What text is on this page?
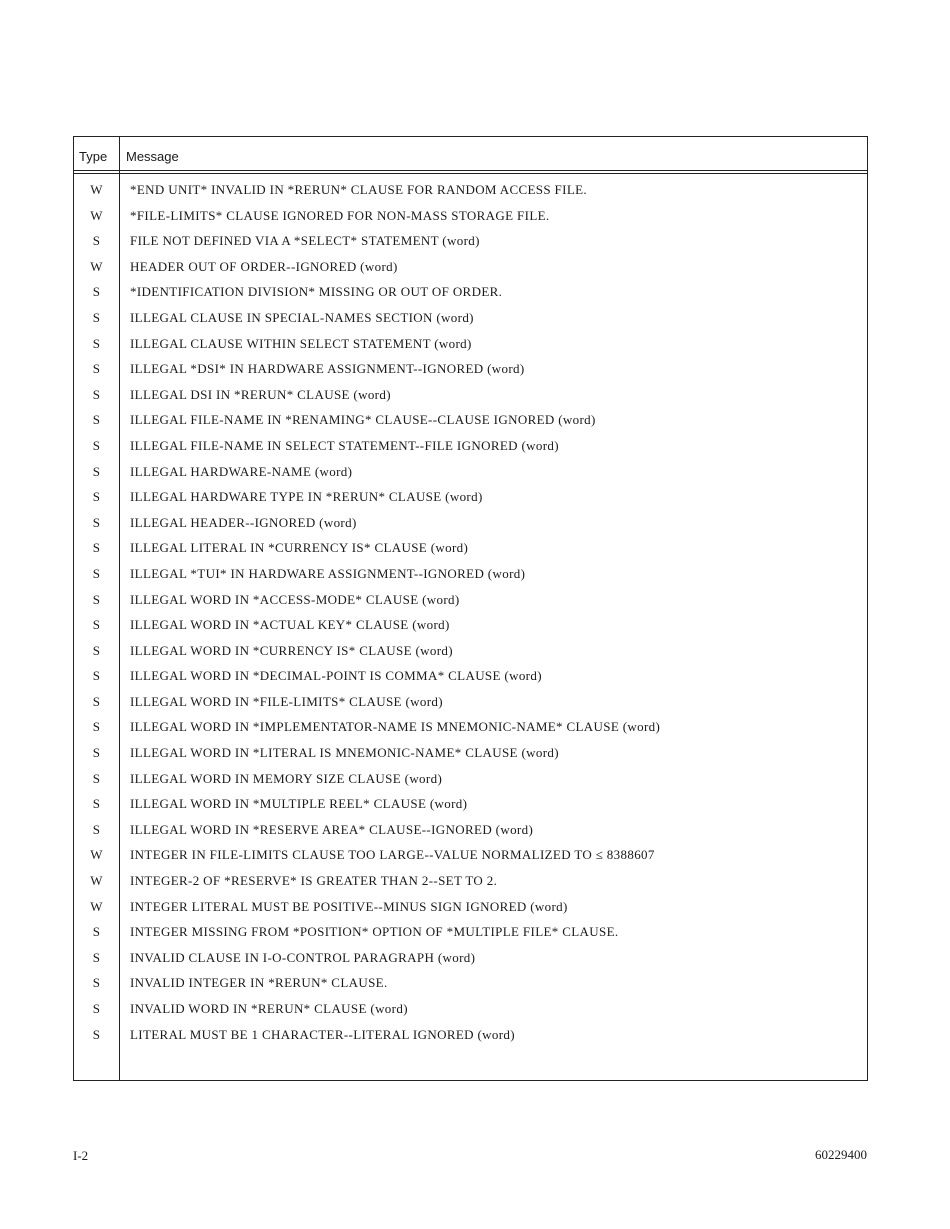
Type Message
W	*END UNIT* INVALID IN *RERUN* CLAUSE FOR RANDOM ACCESS FILE.
W	*FILE-LIMITS* CLAUSE IGNORED FOR NON-MASS STORAGE FILE.
S	FILE NOT DEFINED VIA A *SELECT* STATEMENT (word)
W	HEADER OUT OF ORDER--IGNORED (word)
S	*IDENTIFICATION DIVISION* MISSING OR OUT OF ORDER.
S	ILLEGAL CLAUSE IN SPECIAL-NAMES SECTION (word)
S	ILLEGAL CLAUSE WITHIN SELECT STATEMENT (word)
S	ILLEGAL *DSI* IN HARDWARE ASSIGNMENT--IGNORED (word)
S	ILLEGAL DSI IN *RERUN* CLAUSE (word)
S	ILLEGAL FILE-NAME IN *RENAMING* CLAUSE--CLAUSE IGNORED (word)
S	ILLEGAL FILE-NAME IN SELECT STATEMENT--FILE IGNORED (word)
S	ILLEGAL HARDWARE-NAME (word)
S	ILLEGAL HARDWARE TYPE IN *RERUN* CLAUSE (word)
S	ILLEGAL HEADER--IGNORED (word)
S	ILLEGAL LITERAL IN *CURRENCY IS* CLAUSE (word)
S	ILLEGAL *TUI* IN HARDWARE ASSIGNMENT--IGNORED (word)
S	ILLEGAL WORD IN *ACCESS-MODE* CLAUSE (word)
S	ILLEGAL WORD IN *ACTUAL KEY* CLAUSE (word)
S	ILLEGAL WORD IN *CURRENCY IS* CLAUSE (word)
S	ILLEGAL WORD IN *DECIMAL-POINT IS COMMA* CLAUSE (word)
S	ILLEGAL WORD IN *FILE-LIMITS* CLAUSE (word)
S	ILLEGAL WORD IN *IMPLEMENTATOR-NAME IS MNEMONIC-NAME* CLAUSE (word)
S	ILLEGAL WORD IN *LITERAL IS MNEMONIC-NAME* CLAUSE (word)
S	ILLEGAL WORD IN MEMORY SIZE CLAUSE (word)
S	ILLEGAL WORD IN *MULTIPLE REEL* CLAUSE (word)
S	ILLEGAL WORD IN *RESERVE AREA* CLAUSE--IGNORED (word)
W	INTEGER IN FILE-LIMITS CLAUSE TOO LARGE--VALUE NORMALIZED TO ≤ 8388607
W	INTEGER-2 OF *RESERVE* IS GREATER THAN 2--SET TO 2.
W	INTEGER LITERAL MUST BE POSITIVE--MINUS SIGN IGNORED (word)
S	INTEGER MISSING FROM *POSITION* OPTION OF *MULTIPLE FILE* CLAUSE.
S	INVALID CLAUSE IN I-O-CONTROL PARAGRAPH (word)
S	INVALID INTEGER IN *RERUN* CLAUSE.
S	INVALID WORD IN *RERUN* CLAUSE (word)
S	LITERAL MUST BE 1 CHARACTER--LITERAL IGNORED (word)
I-2	60229400
